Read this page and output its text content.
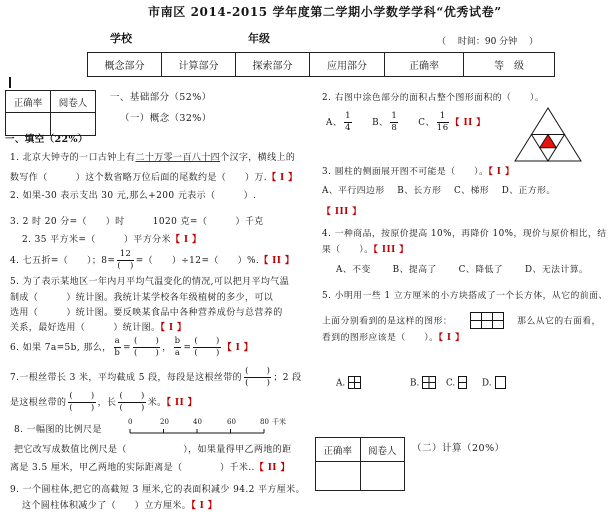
市南区 2014-2015 学年度第二学期小学数学学科“优秀试卷”
学校	年级	（　 时间：90 分钟　 ）
概念部分	计算部分	探索部分	应用部分	正确率	等　级
正确率	阅卷人
	一、基础部分（52%）
（一）概念（32%）
一、填空（22%）
1. 北京大钟寺的一口古钟上有二十万零一百八十四个汉字，横线上的
数写作（　　　）这个数省略万位后面的尾数约是（　　）万.【 I 】
2. 如果-30 表示支出 30 元,那么+200 元表示（　　　）.
3. 2 时 20 分=（　　）时　　　1020 克=（　　　）千克
2. 35 平方米=（　　　）平方分米【 I 】
4. 七五折=（　　）；$8= \frac{12}{( )}$ =（　　）÷12=（　　）%.【 II 】
5. 为了表示某地区一年内月平均气温变化的情况,可以把月平均气温
制成（　　　）统计图。我统计某学校各年级植树的多少，可以
选用（　　　）统计图。要反映某食品中各种营养成份与总营养的
关系，最好选用（　　　）统计图。【 I 】
6. 如果 7a=5b, 那么， $\frac{a}{b} = \frac{( )}{( )}$ ， $\frac{b}{a} = \frac{( )}{( )}$ 【 I 】
7.一根丝带长 3 米，平均截成 5 段，每段是这根丝带的 $\frac{( )}{( )}$ ；2 段
是这根丝带的 $\frac{( )}{( )}$ ，长 $\frac{( )}{( )}$ 米。【 II 】
8. 一幅图的比例尺是
0	20	40	60	80 千米
把它改写成数值比例尺是（　　　　　　），如果量得甲乙两地的距
离是 3.5 厘米，甲乙两地的实际距离是（　　　　）千米..【 II 】
9. 一个圆柱体,把它的高截短 3 厘米,它的表面积减少 94.2 平方厘米。
这个圆柱体积减少了（　　）立方厘米。【 I 】
2. 右图中涂色部分的面积占整个图形面积的（　　）。
A、 $\frac{1}{4}$ B、 $\frac{1}{8}$ C、 $\frac{1}{16}$ 【 II 】
3. 圆柱的侧面展开图不可能是（　　）。【 I 】
A、平行四边形　 B、长方形　 C、梯形　 D、正方形。
【 III 】
4. 一种商品，按原价提高 10%，再降价 10%，现价与原价相比，结
果（　　）。【 III 】
A、不变　　 B、提高了　　 C、降低了　　 D、无法计算。
5. 小明用一些 1 立方厘米的小方块搭成了一个长方体，从它的前面、
上面分别看到的是这样的图形：	那么从它的右面看，
看到的图形应该是（　　）。【 I 】
A.	B.	C.	D.
正确率	阅卷人
	（二）计算（20%）
